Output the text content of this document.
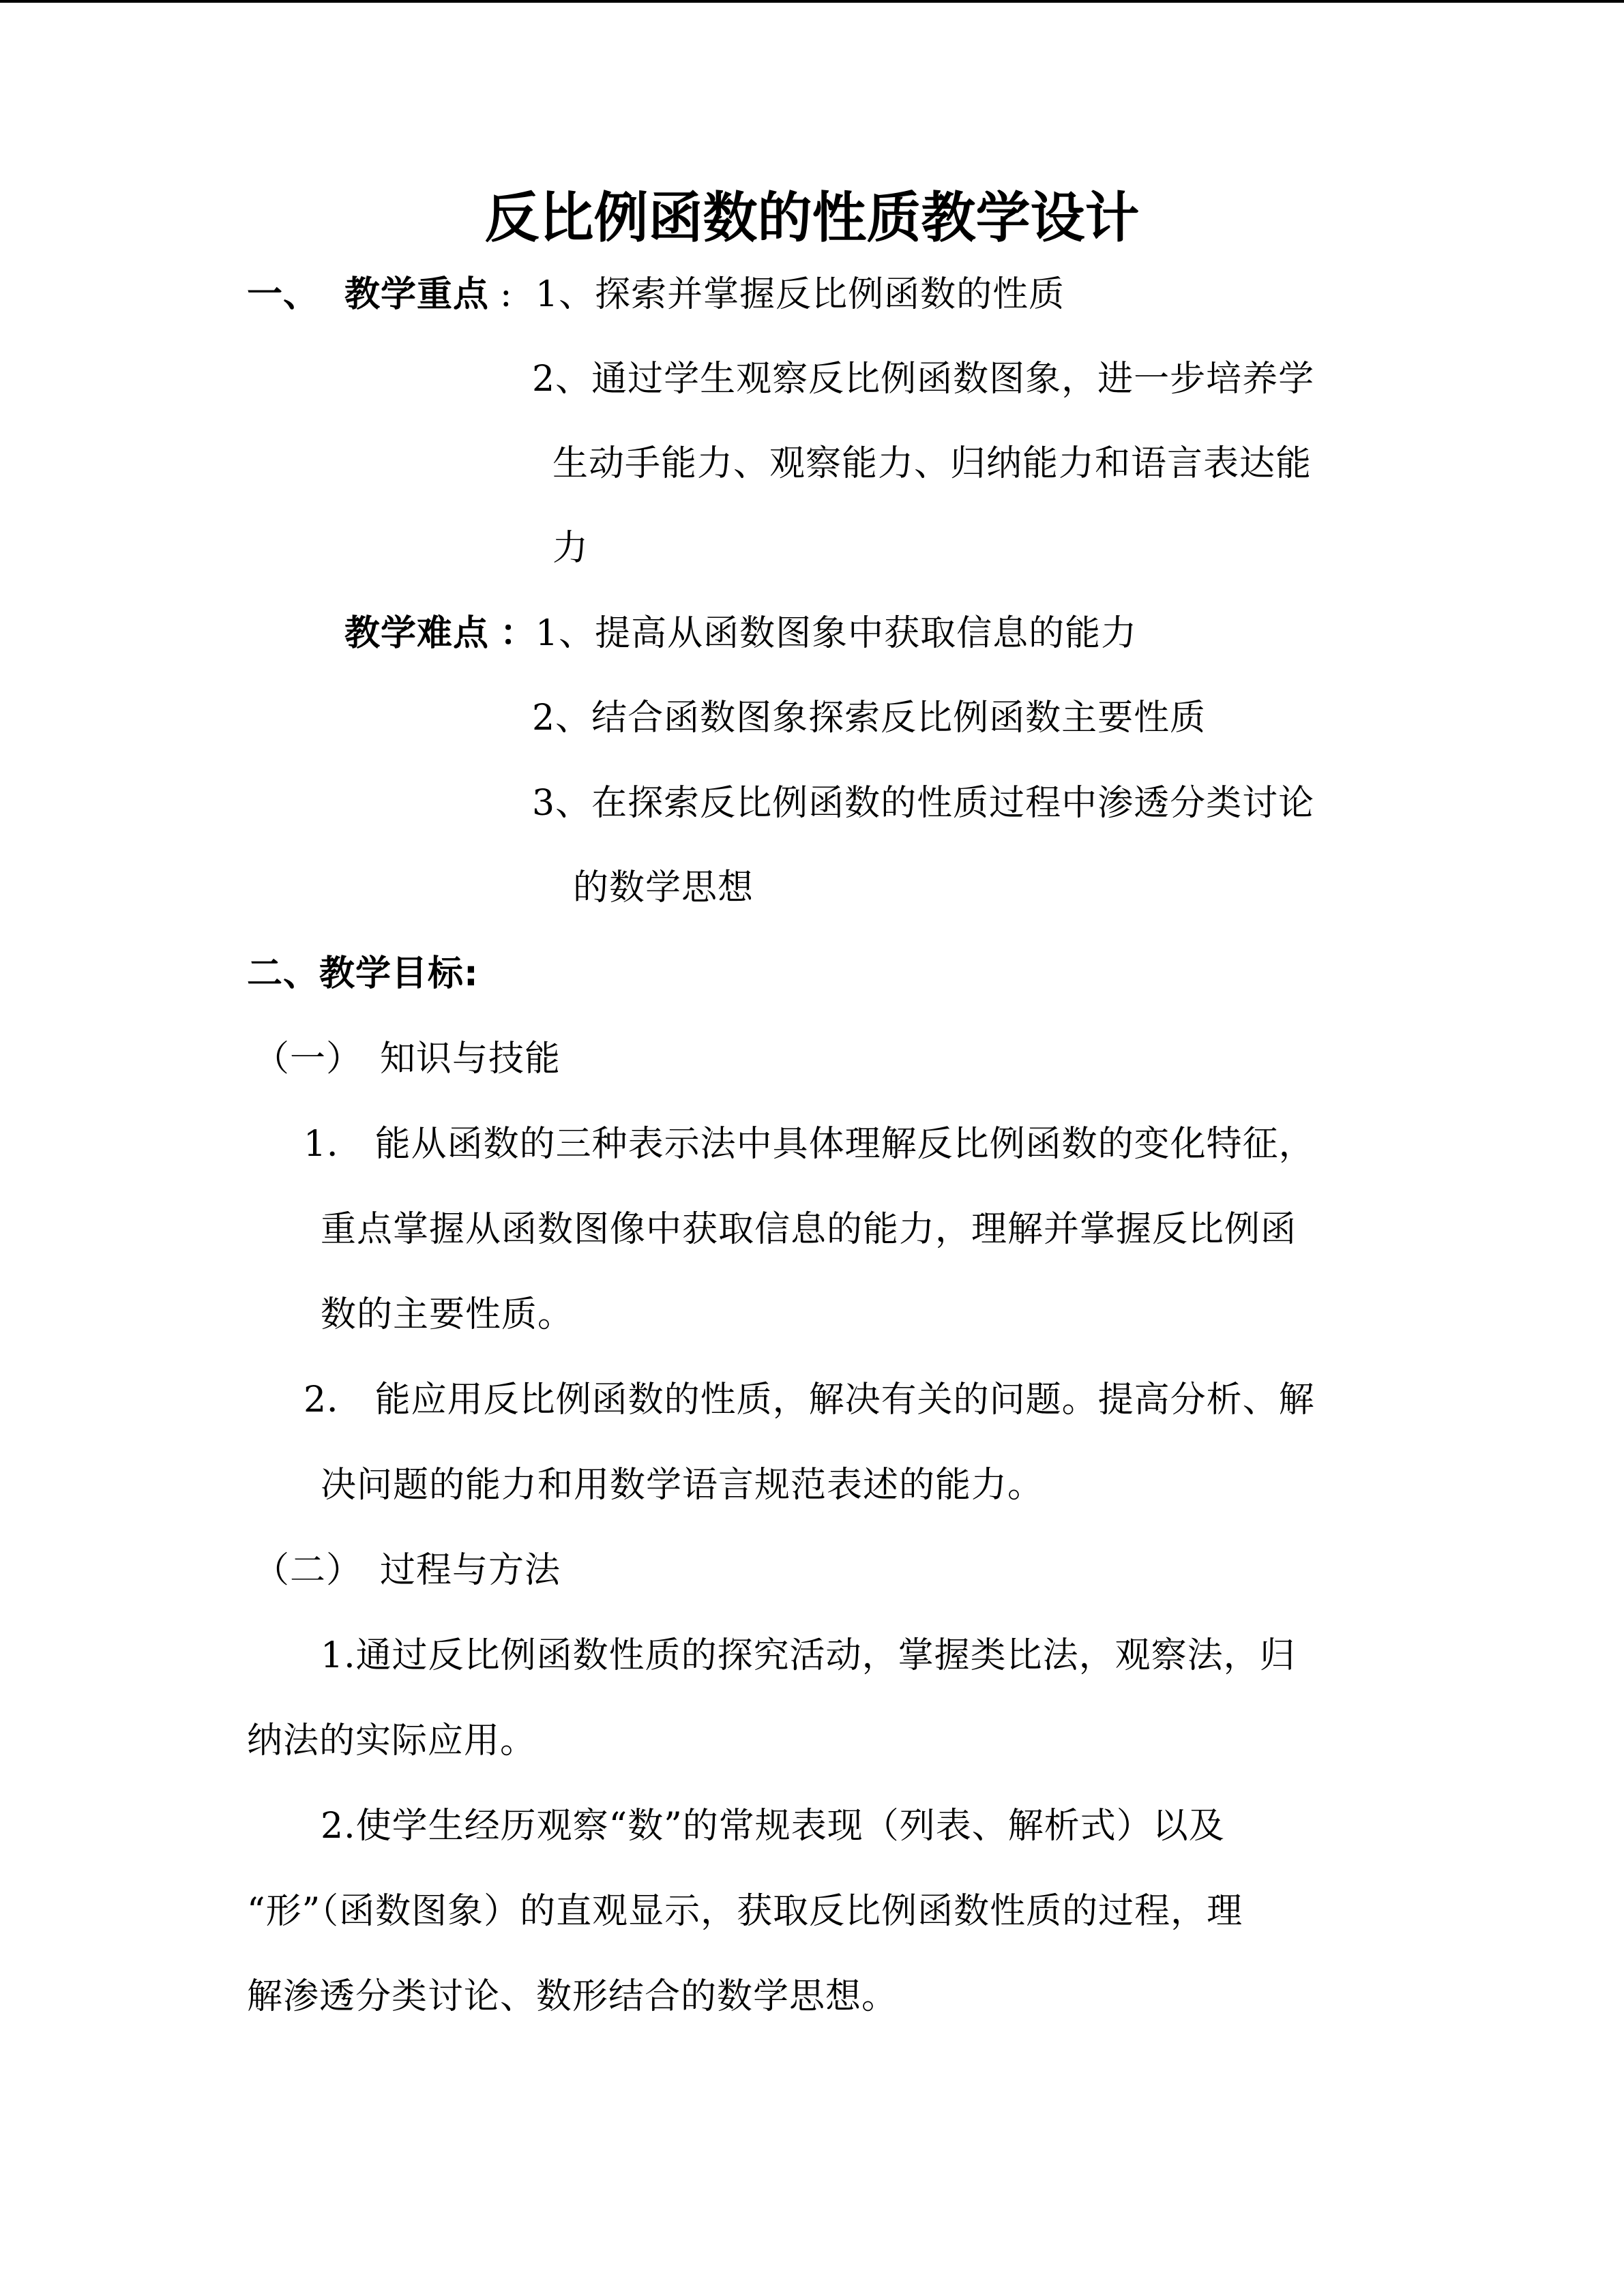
反比例函数的性质教学设计
一、 教学重点 : 1、探索并掌握反比例函数的性质
2、通过学生观察反比例函数图象，进一步培养学
生动手能力、观察能力、归纳能力和语言表达能
力
教学难点 ：
1、提高从函数图象中获取信息的能力
2、结合函数图象探索反比例函数主要性质
3、在探索反比例函数的性质过程中渗透分类讨论
的数学思想
二、教学目标:
（一） 知识与技能
1． 能从函数的三种表示法中具体理解反比例函数的变化特征，
重点掌握从函数图像中获取信息的能力，理解并掌握反比例函
数的主要性质。
2． 能应用反比例函数的性质，解决有关的问题。提高分析、解
决问题的能力和用数学语言规范表述的能力。
（二） 过程与方法
1.通过反比例函数性质的探究活动，掌握类比法，观察法，归
纳法的实际应用。
2.使学生经历观察“数”的常规表现（列表、解析式）以及
“形”（函数图象）的直观显示，获取反比例函数性质的过程，理
解渗透分类讨论、数形结合的数学思想。
